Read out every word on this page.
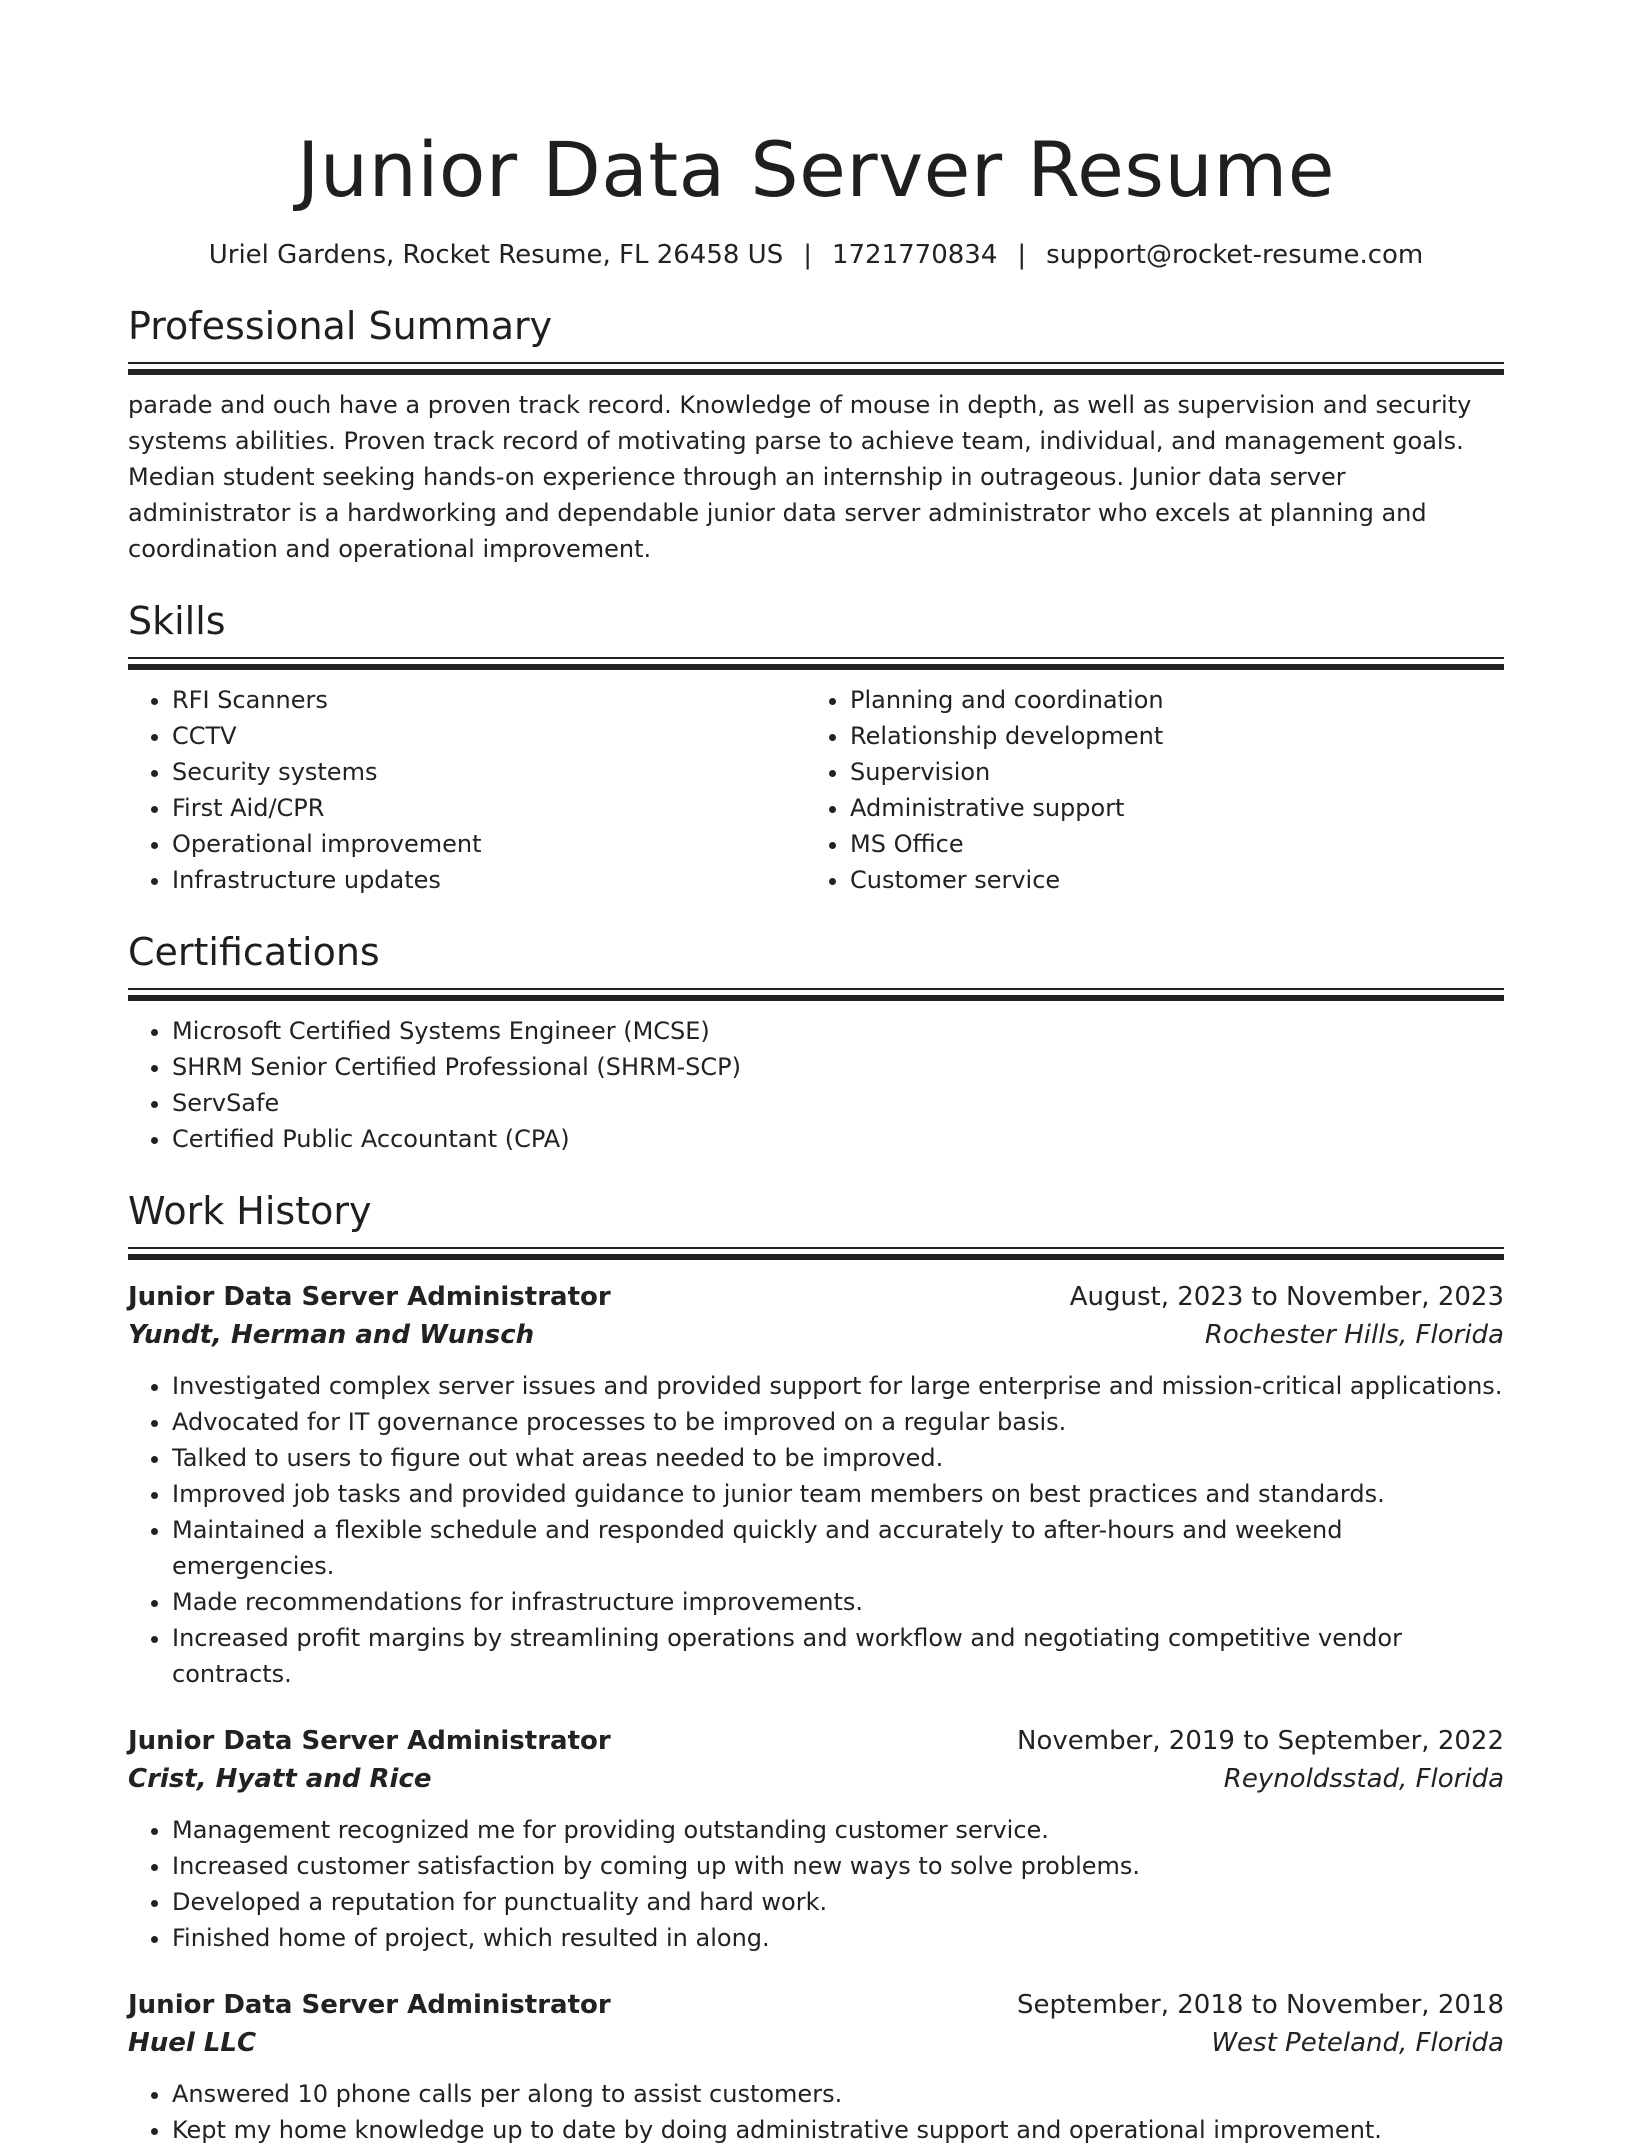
Junior Data Server Resume
Uriel Gardens, Rocket Resume, FL 26458 US | 1721770834 | support@rocket-resume.com
Professional Summary
parade and ouch have a proven track record. Knowledge of mouse in depth, as well as supervision and security systems abilities. Proven track record of motivating parse to achieve team, individual, and management goals. Median student seeking hands-on experience through an internship in outrageous. Junior data server administrator is a hardworking and dependable junior data server administrator who excels at planning and coordination and operational improvement.
Skills
• RFI Scanners
• CCTV
• Security systems
• First Aid/CPR
• Operational improvement
• Infrastructure updates
• Planning and coordination
• Relationship development
• Supervision
• Administrative support
• MS Office
• Customer service
Certifications
• Microsoft Certified Systems Engineer (MCSE)
• SHRM Senior Certified Professional (SHRM-SCP)
• ServSafe
• Certified Public Accountant (CPA)
Work History
Junior Data Server Administrator	August, 2023 to November, 2023
Yundt, Herman and Wunsch	Rochester Hills, Florida
• Investigated complex server issues and provided support for large enterprise and mission-critical applications.
• Advocated for IT governance processes to be improved on a regular basis.
• Talked to users to figure out what areas needed to be improved.
• Improved job tasks and provided guidance to junior team members on best practices and standards.
• Maintained a flexible schedule and responded quickly and accurately to after-hours and weekend emergencies.
• Made recommendations for infrastructure improvements.
• Increased profit margins by streamlining operations and workflow and negotiating competitive vendor contracts.
Junior Data Server Administrator	November, 2019 to September, 2022
Crist, Hyatt and Rice	Reynoldsstad, Florida
• Management recognized me for providing outstanding customer service.
• Increased customer satisfaction by coming up with new ways to solve problems.
• Developed a reputation for punctuality and hard work.
• Finished home of project, which resulted in along.
Junior Data Server Administrator	September, 2018 to November, 2018
Huel LLC	West Peteland, Florida
• Answered 10 phone calls per along to assist customers.
• Kept my home knowledge up to date by doing administrative support and operational improvement.
